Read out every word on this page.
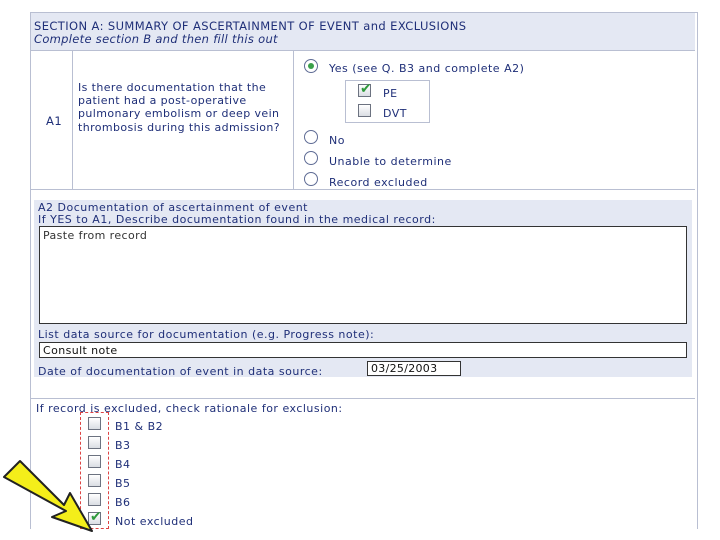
SECTION A: SUMMARY OF ASCERTAINMENT OF EVENT and EXCLUSIONS
Complete section B and then fill this out
A1
Is there documentation that the patient had a post-operative pulmonary embolism or deep vein thrombosis during this admission?
Yes (see Q. B3 and complete A2)
✔ PE
DVT
No
Unable to determine
Record excluded
A2 Documentation of ascertainment of event
If YES to A1, Describe documentation found in the medical record:
Paste from record
List data source for documentation (e.g. Progress note):
Consult note
Date of documentation of event in data source:	03/25/2003
If record is excluded, check rationale for exclusion:
B1 & B2
B3
B4
B5
B6
✔ Not excluded
